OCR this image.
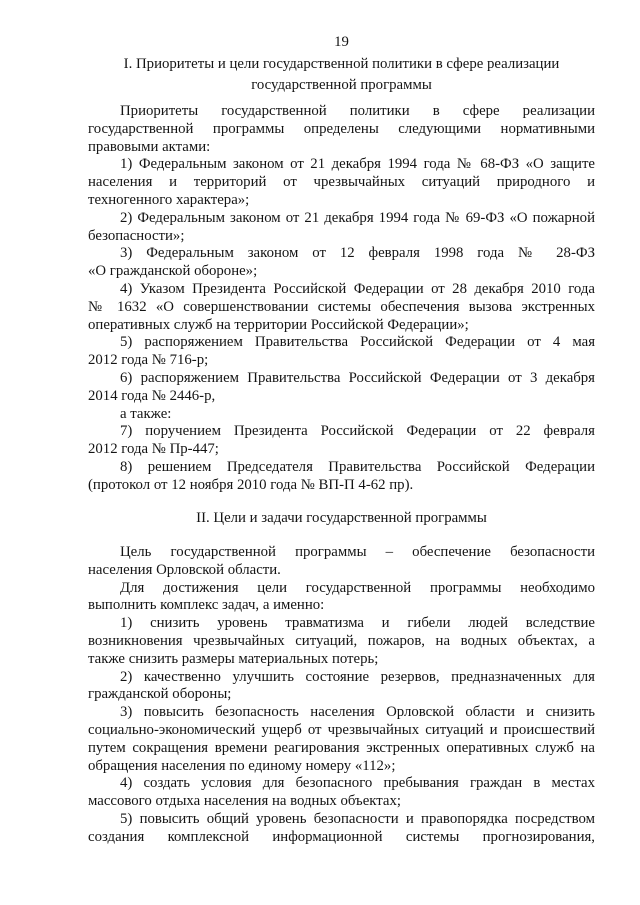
19
I. Приоритеты и цели государственной политики в сфере реализации
государственной программы
Приоритеты государственной политики в сфере реализации
государственной программы определены следующими нормативными
правовыми актами:
1) Федеральным законом от 21 декабря 1994 года № 68-ФЗ «О защите
населения и территорий от чрезвычайных ситуаций природного и
техногенного характера»;
2) Федеральным законом от 21 декабря 1994 года № 69-ФЗ «О пожарной
безопасности»;
3) Федеральным законом от 12 февраля 1998 года № 28-ФЗ
«О гражданской обороне»;
4) Указом Президента Российской Федерации от 28 декабря 2010 года
№ 1632 «О совершенствовании системы обеспечения вызова экстренных
оперативных служб на территории Российской Федерации»;
5) распоряжением Правительства Российской Федерации от 4 мая
2012 года № 716-р;
6) распоряжением Правительства Российской Федерации от 3 декабря
2014 года № 2446-р,
а также:
7) поручением Президента Российской Федерации от 22 февраля
2012 года № Пр-447;
8) решением Председателя Правительства Российской Федерации
(протокол от 12 ноября 2010 года № ВП-П 4-62 пр).
II. Цели и задачи государственной программы
Цель государственной программы – обеспечение безопасности
населения Орловской области.
Для достижения цели государственной программы необходимо
выполнить комплекс задач, а именно:
1) снизить уровень травматизма и гибели людей вследствие
возникновения чрезвычайных ситуаций, пожаров, на водных объектах, а
также снизить размеры материальных потерь;
2) качественно улучшить состояние резервов, предназначенных для
гражданской обороны;
3) повысить безопасность населения Орловской области и снизить
социально-экономический ущерб от чрезвычайных ситуаций и происшествий
путем сокращения времени реагирования экстренных оперативных служб на
обращения населения по единому номеру «112»;
4) создать условия для безопасного пребывания граждан в местах
массового отдыха населения на водных объектах;
5) повысить общий уровень безопасности и правопорядка посредством
создания комплексной информационной системы прогнозирования,
